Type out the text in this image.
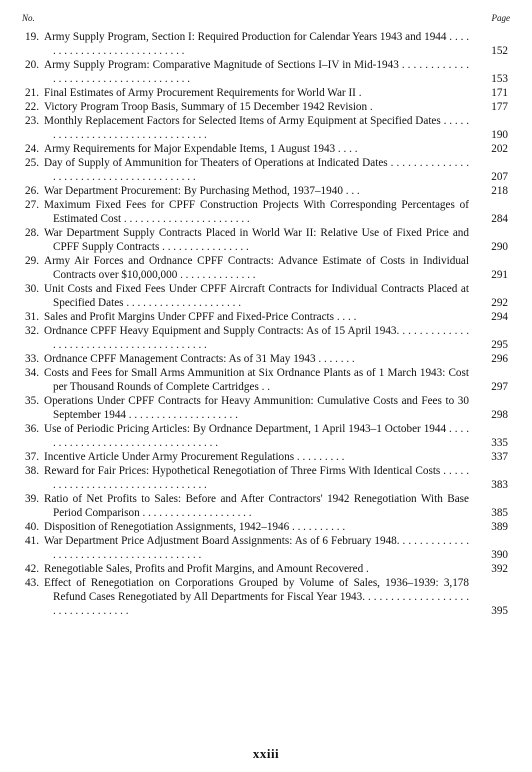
No.	Page
19. Army Supply Program, Section I: Required Production for Calendar Years 1943 and 1944 . . . . . . . . . . . . . . . . . . . . . . . . . . . .	152
20. Army Supply Program: Comparative Magnitude of Sections I–IV in Mid-1943 . . . . . . . . . . . . . . . . . . . . . . . . . . . . . . . . . . . . .	153
21. Final Estimates of Army Procurement Requirements for World War II .	171
22. Victory Program Troop Basis, Summary of 15 December 1942 Revision .	177
23. Monthly Replacement Factors for Selected Items of Army Equipment at Specified Dates . . . . . . . . . . . . . . . . . . . . . . . . . . . . . . . . .	190
24. Army Requirements for Major Expendable Items, 1 August 1943 . . . .	202
25. Day of Supply of Ammunition for Theaters of Operations at Indicated Dates . . . . . . . . . . . . . . . . . . . . . . . . . . . . . . . . . . . . . . . .	207
26. War Department Procurement: By Purchasing Method, 1937–1940 . . .	218
27. Maximum Fixed Fees for CPFF Construction Projects With Corresponding Percentages of Estimated Cost . . . . . . . . . . . . . . . . . . . . . . .	284
28. War Department Supply Contracts Placed in World War II: Relative Use of Fixed Price and CPFF Supply Contracts . . . . . . . . . . . . . . . .	290
29. Army Air Forces and Ordnance CPFF Contracts: Advance Estimate of Costs in Individual Contracts over $10,000,000 . . . . . . . . . . . . . .	291
30. Unit Costs and Fixed Fees Under CPFF Aircraft Contracts for Individual Contracts Placed at Specified Dates . . . . . . . . . . . . . . . . . . . . .	292
31. Sales and Profit Margins Under CPFF and Fixed-Price Contracts . . . .	294
32. Ordnance CPFF Heavy Equipment and Supply Contracts: As of 15 April 1943. . . . . . . . . . . . . . . . . . . . . . . . . . . . . . . . . . . . . . . . .	295
33. Ordnance CPFF Management Contracts: As of 31 May 1943 . . . . . . .	296
34. Costs and Fees for Small Arms Ammunition at Six Ordnance Plants as of 1 March 1943: Cost per Thousand Rounds of Complete Cartridges . .	297
35. Operations Under CPFF Contracts for Heavy Ammunition: Cumulative Costs and Fees to 30 September 1944 . . . . . . . . . . . . . . . . . . . .	298
36. Use of Periodic Pricing Articles: By Ordnance Department, 1 April 1943–1 October 1944 . . . . . . . . . . . . . . . . . . . . . . . . . . . . . . . . . .	335
37. Incentive Article Under Army Procurement Regulations . . . . . . . . .	337
38. Reward for Fair Prices: Hypothetical Renegotiation of Three Firms With Identical Costs . . . . . . . . . . . . . . . . . . . . . . . . . . . . . . . . .	383
39. Ratio of Net Profits to Sales: Before and After Contractors' 1942 Renegotiation With Base Period Comparison . . . . . . . . . . . . . . . . . . . .	385
40. Disposition of Renegotiation Assignments, 1942–1946 . . . . . . . . . .	389
41. War Department Price Adjustment Board Assignments: As of 6 February 1948. . . . . . . . . . . . . . . . . . . . . . . . . . . . . . . . . . . . . . . .	390
42. Renegotiable Sales, Profits and Profit Margins, and Amount Recovered .	392
43. Effect of Renegotiation on Corporations Grouped by Volume of Sales, 1936–1939: 3,178 Refund Cases Renegotiated by All Departments for Fiscal Year 1943. . . . . . . . . . . . . . . . . . . . . . . . . . . . . . . . .	395
xxiii
